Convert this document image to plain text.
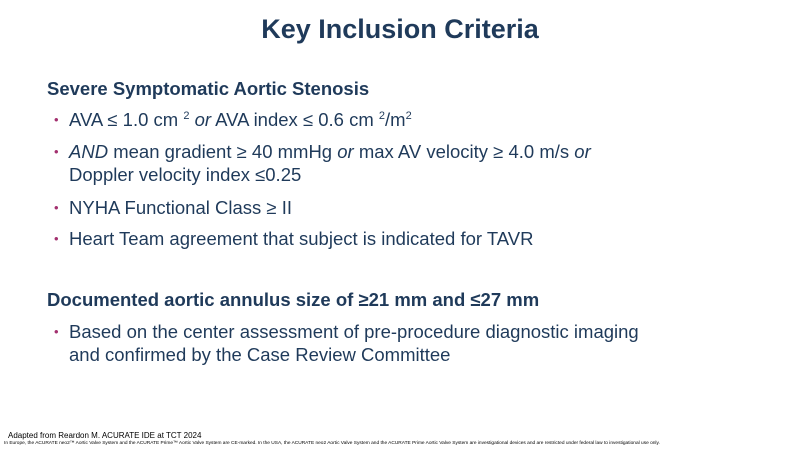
Key Inclusion Criteria
Severe Symptomatic Aortic Stenosis
• AVA ≤ 1.0 cm $^2$ or AVA index ≤ 0.6 cm $^2/m^2$
• AND mean gradient ≥ 40 mmHg or max AV velocity ≥ 4.0 m/s or
Doppler velocity index ≤0.25
• NYHA Functional Class ≥ II
• Heart Team agreement that subject is indicated for TAVR
Documented aortic annulus size of ≥21 mm and ≤27 mm
• Based on the center assessment of pre-procedure diagnostic imaging
and confirmed by the Case Review Committee
Adapted from Reardon M. ACURATE IDE at TCT 2024
In Europe, the ACURATE neo2™ Aortic Valve System and the ACURATE Prime™ Aortic Valve System are CE-marked. In the USA, the ACURATE neo2 Aortic Valve System and the ACURATE Prime Aortic Valve System are investigational devices and are restricted under federal law to investigational use only.
